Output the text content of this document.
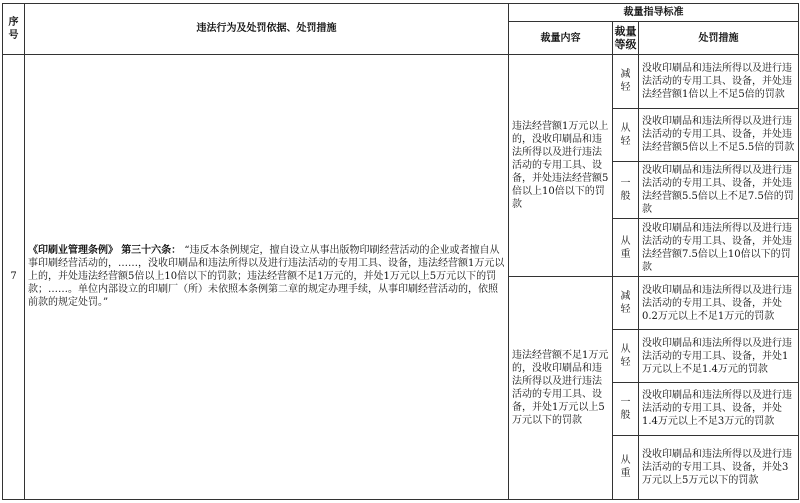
序号	违法行为及处罚依据、处罚措施	裁量指导标准		
		裁量内容	裁量等级	处罚措施
7	《印刷业管理条例》 第三十六条： “违反本条例规定，擅自设立从事出版物印刷经营活动的企业或者擅自从事印刷经营活动的，……，没收印刷品和违法所得以及进行违法活动的专用工具、设备，违法经营额1万元以上的，并处违法经营额5倍以上10倍以下的罚款；违法经营额不足1万元的，并处1万元以上5万元以下的罚款；……。单位内部设立的印刷厂（所）未依照本条例第二章的规定办理手续，从事印刷经营活动的，依照前款的规定处罚。”	违法经营额1万元以上的，没收印刷品和违法所得以及进行违法活动的专用工具、设备，并处违法经营额5倍以上10倍以下的罚款	减轻	没收印刷品和违法所得以及进行违法活动的专用工具、设备，并处违法经营额1倍以上不足5倍的罚款
			从轻	没收印刷品和违法所得以及进行违法活动的专用工具、设备，并处违法经营额5倍以上不足5.5倍的罚款
			一般	没收印刷品和违法所得以及进行违法活动的专用工具、设备，并处违法经营额5.5倍以上不足7.5倍的罚款
			从重	没收印刷品和违法所得以及进行违法活动的专用工具、设备，并处违法经营额7.5倍以上10倍以下的罚款
		违法经营额不足1万元的，没收印刷品和违法所得以及进行违法活动的专用工具、设备，并处1万元以上5万元以下的罚款	减轻	没收印刷品和违法所得以及进行违法活动的专用工具、设备，并处0.2万元以上不足1万元的罚款
			从轻	没收印刷品和违法所得以及进行违法活动的专用工具、设备，并处1万元以上不足1.4万元的罚款
			一般	没收印刷品和违法所得以及进行违法活动的专用工具、设备，并处1.4万元以上不足3万元的罚款
			从重	没收印刷品和违法所得以及进行违法活动的专用工具、设备，并处3万元以上5万元以下的罚款
